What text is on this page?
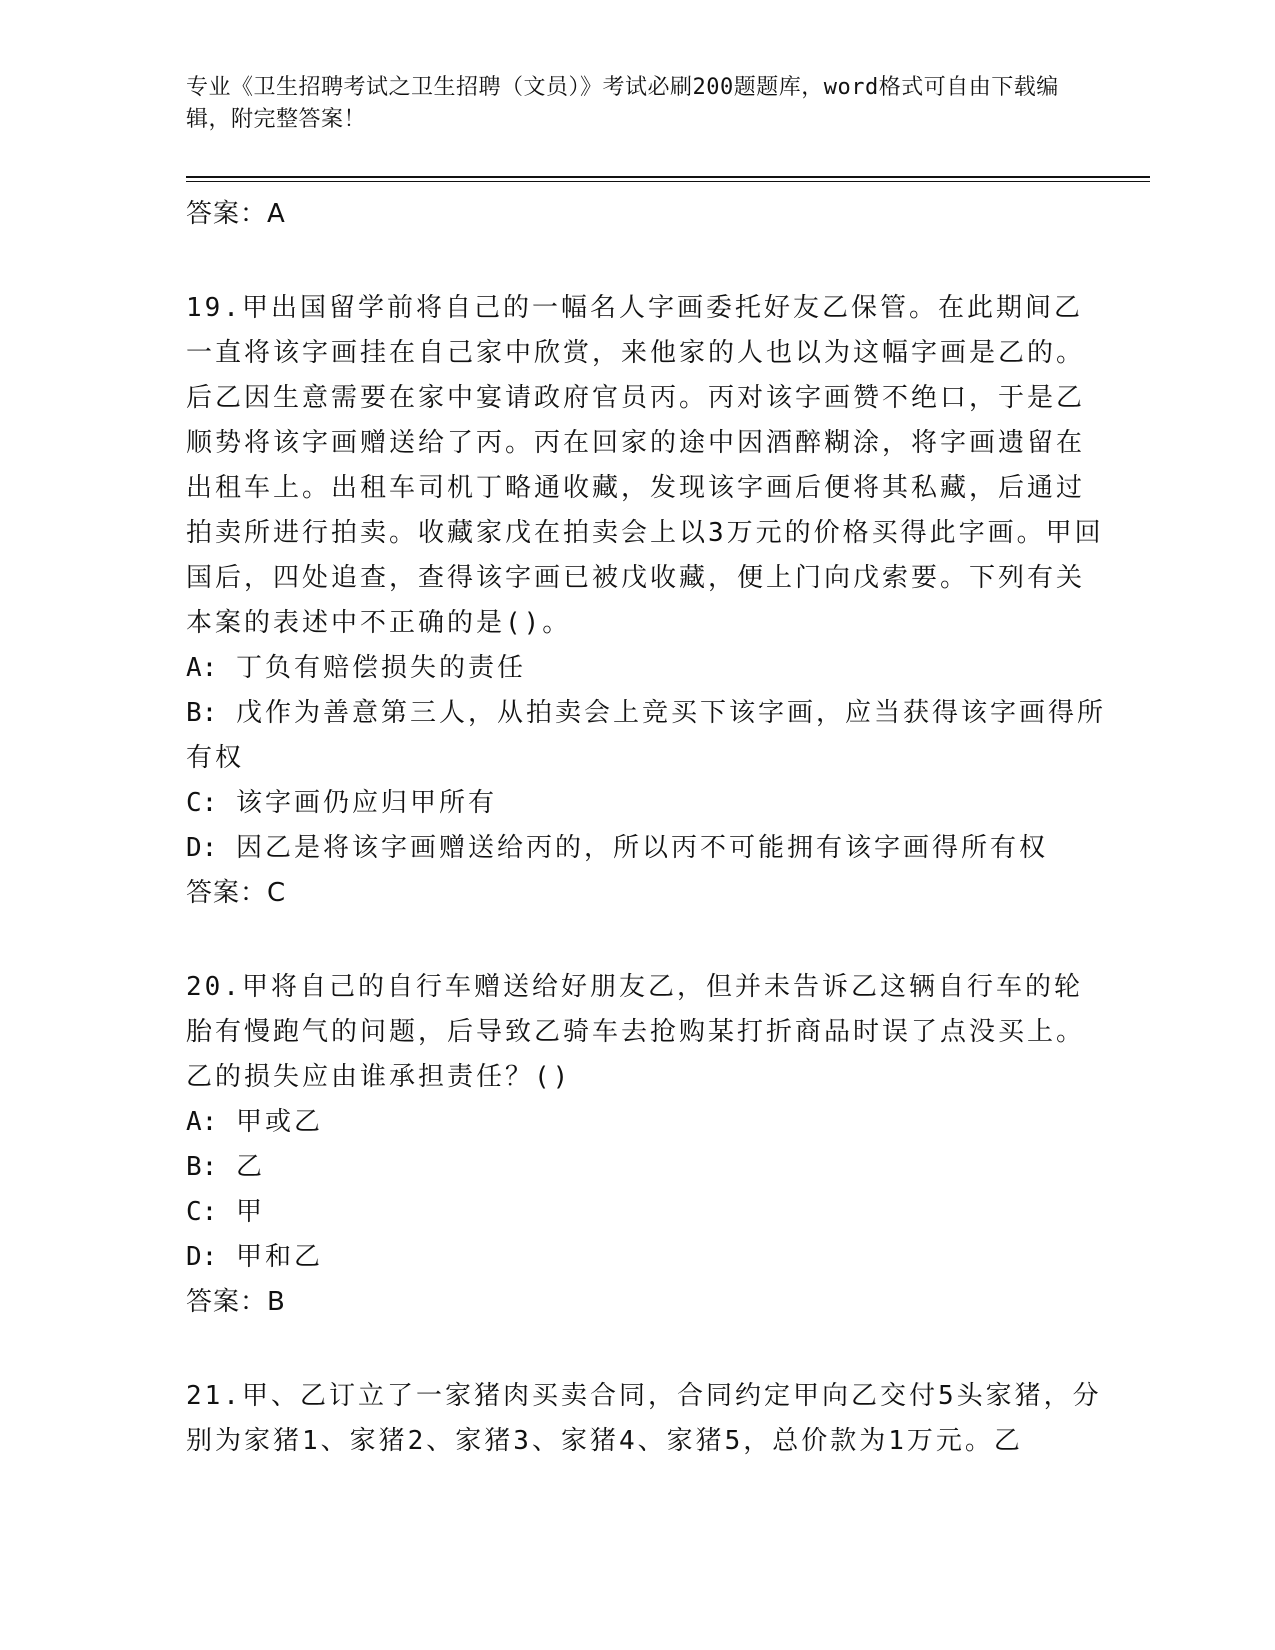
专业《卫生招聘考试之卫生招聘（文员）》考试必刷200题题库，word格式可自由下载编辑，附完整答案！
答案：A
19.甲出国留学前将自己的一幅名人字画委托好友乙保管。在此期间乙一直将该字画挂在自己家中欣赏，来他家的人也以为这幅字画是乙的。后乙因生意需要在家中宴请政府官员丙。丙对该字画赞不绝口，于是乙顺势将该字画赠送给了丙。丙在回家的途中因酒醉糊涂，将字画遗留在出租车上。出租车司机丁略通收藏，发现该字画后便将其私藏，后通过拍卖所进行拍卖。收藏家戊在拍卖会上以3万元的价格买得此字画。甲回国后，四处追查，查得该字画已被戊收藏，便上门向戊索要。下列有关本案的表述中不正确的是()。
A: 丁负有赔偿损失的责任
B: 戊作为善意第三人，从拍卖会上竞买下该字画，应当获得该字画得所有权
C: 该字画仍应归甲所有
D: 因乙是将该字画赠送给丙的，所以丙不可能拥有该字画得所有权
答案：C
20.甲将自己的自行车赠送给好朋友乙，但并未告诉乙这辆自行车的轮胎有慢跑气的问题，后导致乙骑车去抢购某打折商品时误了点没买上。乙的损失应由谁承担责任？()
A: 甲或乙
B: 乙
C: 甲
D: 甲和乙
答案：B
21.甲、乙订立了一家猪肉买卖合同，合同约定甲向乙交付5头家猪，分别为家猪1、家猪2、家猪3、家猪4、家猪5，总价款为1万元。乙
